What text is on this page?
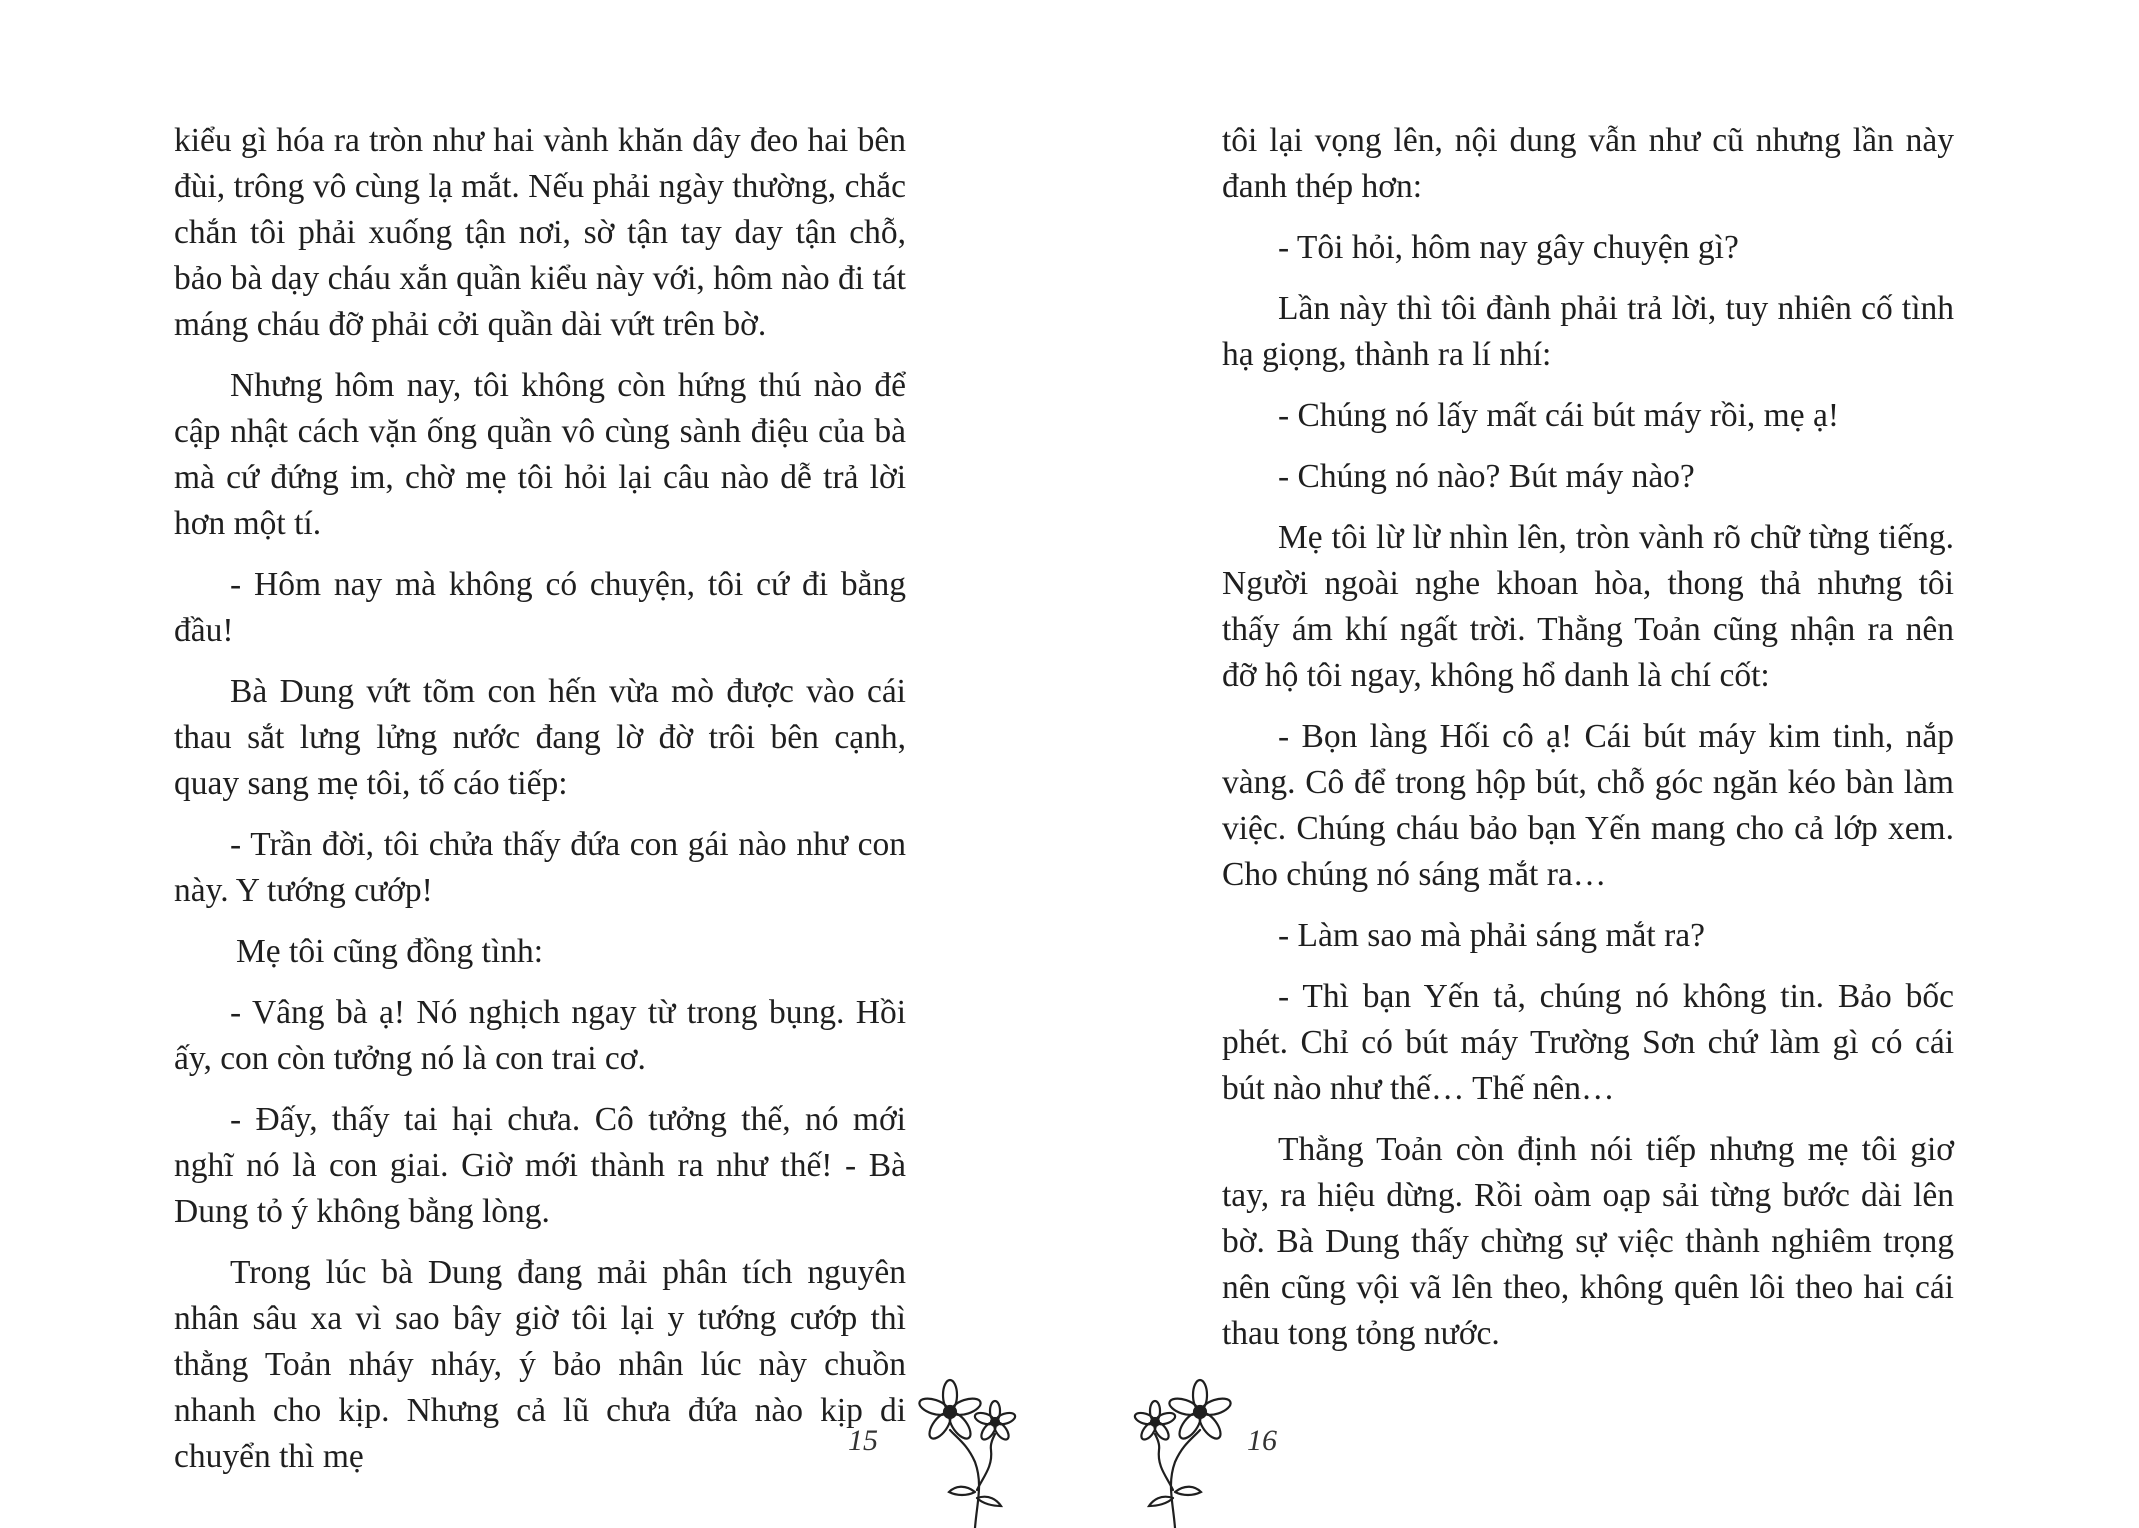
kiểu gì hóa ra tròn như hai vành khăn dây đeo hai bên đùi, trông vô cùng lạ mắt. Nếu phải ngày thường, chắc chắn tôi phải xuống tận nơi, sờ tận tay day tận chỗ, bảo bà dạy cháu xắn quần kiểu này với, hôm nào đi tát máng cháu đỡ phải cởi quần dài vứt trên bờ.

Nhưng hôm nay, tôi không còn hứng thú nào để cập nhật cách vặn ống quần vô cùng sành điệu của bà mà cứ đứng im, chờ mẹ tôi hỏi lại câu nào dễ trả lời hơn một tí.

- Hôm nay mà không có chuyện, tôi cứ đi bằng đầu!

Bà Dung vứt tõm con hến vừa mò được vào cái thau sắt lưng lửng nước đang lờ đờ trôi bên cạnh, quay sang mẹ tôi, tố cáo tiếp:

- Trần đời, tôi chửa thấy đứa con gái nào như con này. Y tướng cướp!

Mẹ tôi cũng đồng tình:

- Vâng bà ạ! Nó nghịch ngay từ trong bụng. Hồi ấy, con còn tưởng nó là con trai cơ.

- Đấy, thấy tai hại chưa. Cô tưởng thế, nó mới nghĩ nó là con giai. Giờ mới thành ra như thế! - Bà Dung tỏ ý không bằng lòng.

Trong lúc bà Dung đang mải phân tích nguyên nhân sâu xa vì sao bây giờ tôi lại y tướng cướp thì thằng Toản nháy nháy, ý bảo nhân lúc này chuồn nhanh cho kịp. Nhưng cả lũ chưa đứa nào kịp di chuyển thì mẹ

tôi lại vọng lên, nội dung vẫn như cũ nhưng lần này đanh thép hơn:

- Tôi hỏi, hôm nay gây chuyện gì?

Lần này thì tôi đành phải trả lời, tuy nhiên cố tình hạ giọng, thành ra lí nhí:

- Chúng nó lấy mất cái bút máy rồi, mẹ ạ!

- Chúng nó nào? Bút máy nào?

Mẹ tôi lừ lừ nhìn lên, tròn vành rõ chữ từng tiếng. Người ngoài nghe khoan hòa, thong thả nhưng tôi thấy ám khí ngất trời. Thằng Toản cũng nhận ra nên đỡ hộ tôi ngay, không hổ danh là chí cốt:

- Bọn làng Hối cô ạ! Cái bút máy kim tinh, nắp vàng. Cô để trong hộp bút, chỗ góc ngăn kéo bàn làm việc. Chúng cháu bảo bạn Yến mang cho cả lớp xem. Cho chúng nó sáng mắt ra…

- Làm sao mà phải sáng mắt ra?

- Thì bạn Yến tả, chúng nó không tin. Bảo bốc phét. Chỉ có bút máy Trường Sơn chứ làm gì có cái bút nào như thế… Thế nên…

Thằng Toản còn định nói tiếp nhưng mẹ tôi giơ tay, ra hiệu dừng. Rồi oàm oạp sải từng bước dài lên bờ. Bà Dung thấy chừng sự việc thành nghiêm trọng nên cũng vội vã lên theo, không quên lôi theo hai cái thau tong tỏng nước.

15	16
